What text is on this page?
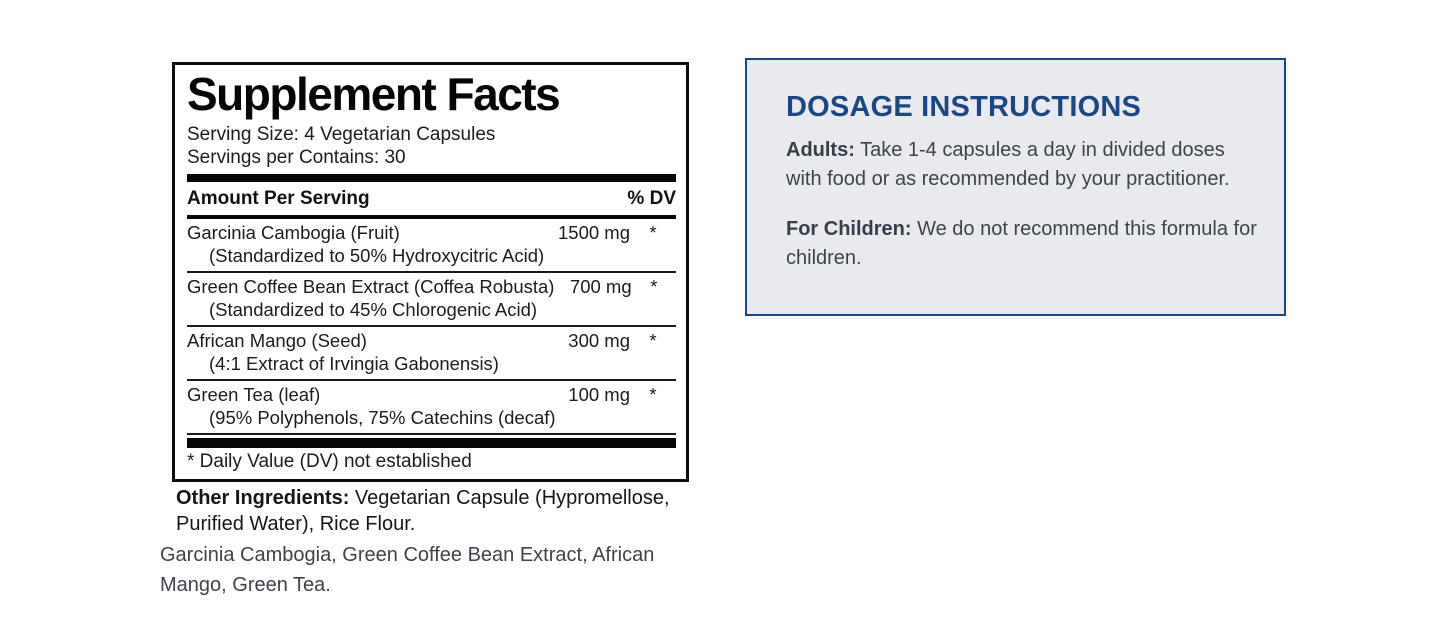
Supplement Facts
Serving Size: 4 Vegetarian Capsules
Servings per Contains: 30
Amount Per Serving	% DV
Garcinia Cambogia (Fruit)	1500 mg	*
(Standardized to 50% Hydroxycitric Acid)
Green Coffee Bean Extract (Coffea Robusta) 700 mg	*
(Standardized to 45% Chlorogenic Acid)
African Mango (Seed)	300 mg	*
(4:1 Extract of Irvingia Gabonensis)
Green Tea (leaf)	100 mg	*
(95% Polyphenols, 75% Catechins (decaf)
* Daily Value (DV) not established

Other Ingredients: Vegetarian Capsule (Hypromellose, Purified Water), Rice Flour.

Garcinia Cambogia, Green Coffee Bean Extract, African Mango, Green Tea.
DOSAGE INSTRUCTIONS

Adults: Take 1-4 capsules a day in divided doses with food or as recommended by your practitioner.

For Children: We do not recommend this formula for children.
